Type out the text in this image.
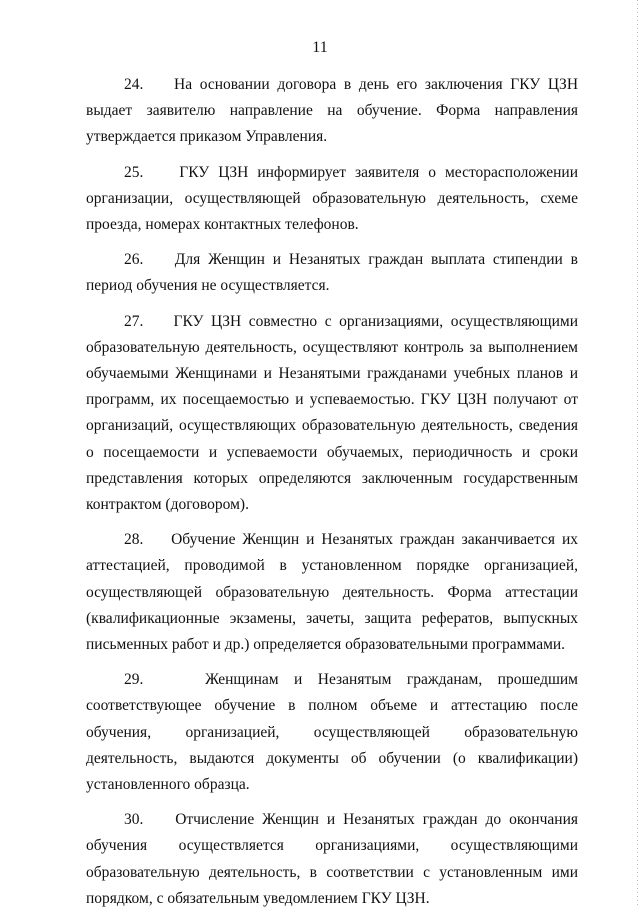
11

24. На основании договора в день его заключения ГКУ ЦЗН выдает заявителю направление на обучение. Форма направления утверждается приказом Управления.

25. ГКУ ЦЗН информирует заявителя о месторасположении организации, осуществляющей образовательную деятельность, схеме проезда, номерах контактных телефонов.

26. Для Женщин и Незанятых граждан выплата стипендии в период обучения не осуществляется.

27. ГКУ ЦЗН совместно с организациями, осуществляющими образовательную деятельность, осуществляют контроль за выполнением обучаемыми Женщинами и Незанятыми гражданами учебных планов и программ, их посещаемостью и успеваемостью. ГКУ ЦЗН получают от организаций, осуществляющих образовательную деятельность, сведения о посещаемости и успеваемости обучаемых, периодичность и сроки представления которых определяются заключенным государственным контрактом (договором).

28. Обучение Женщин и Незанятых граждан заканчивается их аттестацией, проводимой в установленном порядке организацией, осуществляющей образовательную деятельность. Форма аттестации (квалификационные экзамены, зачеты, защита рефератов, выпускных письменных работ и др.) определяется образовательными программами.

29.	Женщинам и Незанятым гражданам, прошедшим соответствующее обучение в полном объеме и аттестацию после обучения, организацией, осуществляющей образовательную деятельность, выдаются документы об обучении (о квалификации) установленного образца.

30. Отчисление Женщин и Незанятых граждан до окончания обучения осуществляется организациями, осуществляющими образовательную деятельность, в соответствии с установленным ими порядком, с обязательным уведомлением ГКУ ЦЗН.
